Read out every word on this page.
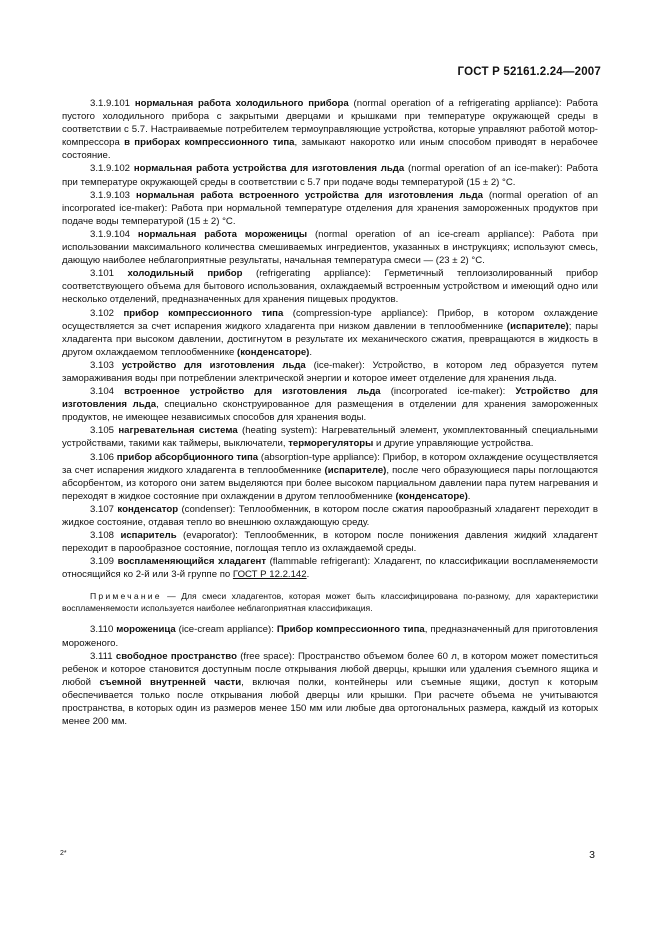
ГОСТ Р 52161.2.24—2007

3.1.9.101 нормальная работа холодильного прибора (normal operation of a refrigerating appliance): Работа пустого холодильного прибора с закрытыми дверцами и крышками при температуре окружающей среды в соответствии с 5.7. Настраиваемые потребителем термоуправляющие устройства, которые управляют работой мотор-компрессора в приборах компрессионного типа, замыкают накоротко или иным способом приводят в нерабочее состояние.

3.1.9.102 нормальная работа устройства для изготовления льда (normal operation of an ice-maker): Работа при температуре окружающей среды в соответствии с 5.7 при подаче воды температурой (15 ± 2) °С.

3.1.9.103 нормальная работа встроенного устройства для изготовления льда (normal operation of an incorporated ice-maker): Работа при нормальной температуре отделения для хранения замороженных продуктов при подаче воды температурой (15 ± 2) °С.

3.1.9.104 нормальная работа мороженицы (normal operation of an ice-cream appliance): Работа при использовании максимального количества смешиваемых ингредиентов, указанных в инструкциях; используют смесь, дающую наиболее неблагоприятные результаты, начальная температура смеси — (23 ± 2) °С.

3.101 холодильный прибор (refrigerating appliance): Герметичный теплоизолированный прибор соответствующего объема для бытового использования, охлаждаемый встроенным устройством и имеющий одно или несколько отделений, предназначенных для хранения пищевых продуктов.

3.102 прибор компрессионного типа (compression-type appliance): Прибор, в котором охлаждение осуществляется за счет испарения жидкого хладагента при низком давлении в теплообменнике (испарителе); пары хладагента при высоком давлении, достигнутом в результате их механического сжатия, превращаются в жидкость в другом охлаждаемом теплообменнике (конденсаторе).

3.103 устройство для изготовления льда (ice-maker): Устройство, в котором лед образуется путем замораживания воды при потреблении электрической энергии и которое имеет отделение для хранения льда.

3.104 встроенное устройство для изготовления льда (incorporated ice-maker): Устройство для изготовления льда, специально сконструированное для размещения в отделении для хранения замороженных продуктов, не имеющее независимых способов для хранения воды.

3.105 нагревательная система (heating system): Нагревательный элемент, укомплектованный специальными устройствами, такими как таймеры, выключатели, терморегуляторы и другие управляющие устройства.

3.106 прибор абсорбционного типа (absorption-type appliance): Прибор, в котором охлаждение осуществляется за счет испарения жидкого хладагента в теплообменнике (испарителе), после чего образующиеся пары поглощаются абсорбентом, из которого они затем выделяются при более высоком парциальном давлении пара путем нагревания и переходят в жидкое состояние при охлаждении в другом теплообменнике (конденсаторе).

3.107 конденсатор (condenser): Теплообменник, в котором после сжатия парообразный хладагент переходит в жидкое состояние, отдавая тепло во внешнюю охлаждающую среду.

3.108 испаритель (evaporator): Теплообменник, в котором после понижения давления жидкий хладагент переходит в парообразное состояние, поглощая тепло из охлаждаемой среды.

3.109 воспламеняющийся хладагент (flammable refrigerant): Хладагент, по классификации воспламеняемости относящийся ко 2-й или 3-й группе по ГОСТ Р 12.2.142.

Примечание — Для смеси хладагентов, которая может быть классифицирована по-разному, для характеристики воспламеняемости используется наиболее неблагоприятная классификация.

3.110 мороженица (ice-cream appliance): Прибор компрессионного типа, предназначенный для приготовления мороженого.

3.111 свободное пространство (free space): Пространство объемом более 60 л, в котором может поместиться ребенок и которое становится доступным после открывания любой дверцы, крышки или удаления съемного ящика и любой съемной внутренней части, включая полки, контейнеры или съемные ящики, доступ к которым обеспечивается только после открывания любой дверцы или крышки. При расчете объема не учитываются пространства, в которых один из размеров менее 150 мм или любые два ортогональных размера, каждый из которых менее 200 мм.

2*	3
